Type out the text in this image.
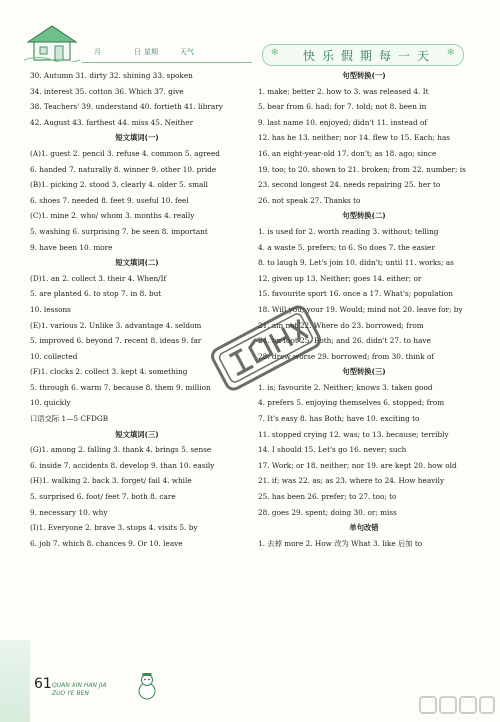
月	日 星期	天气	✻ 快乐假期每一天 ✻
30. Autumn 31. dirty 32. shining 33. spoken
34. interest 35. cotton 36. Which 37. give
38. Teachers' 39. understand 40. fortieth 41. library
42. August 43. farthest 44. miss 45. Neither
短文填词(一)
(A)1. guest 2. pencil 3. refuse 4. common 5. agreed
6. handed 7. naturally 8. winner 9. other 10. pride
(B)1. picking 2. stood 3. clearly 4. older 5. small
6. shoes 7. needed 8. feet 9. useful 10. feel
(C)1. mine 2. who/ whom 3. months 4. really
5. washing 6. surprising 7. be seen 8. important
9. have been 10. more
短文填词(二)
(D)1. an 2. collect 3. their 4. When/If
5. are planted 6. to stop 7. in 8. but
10. lessons
(E)1. various 2. Unlike 3. advantage 4. seldom
5. improved 6. beyond 7. recent 8. ideas 9. far
10. collected
(F)1. clocks 2. collect 3. kept 4. something
5. through 6. warm 7. because 8. them 9. million
10. quickly
口语交际 1—5 CFDGB
短文填词(三)
(G)1. among 2. falling 3. thank 4. brings 5. sense
6. inside 7. accidents 8. develop 9. than 10. easily
(H)1. walking 2. back 3. forget/ fail 4. while
5. surprised 6. foot/ feet 7. both 8. care
9. necessary 10. why
(I)1. Everyone 2. brave 3. stops 4. visits 5. by
6. job 7. which 8. chances 9. Or 10. leave
句型转换(一)
1. make; better 2. how to 3. was released 4. It
5. bear from 6. had; for 7. told; not 8. been in
9. last name 10. enjoyed; didn't 11. instead of
12. has he 13. neither; nor 14. flew to 15. Each; has
16. an eight-year-old 17. don't; as 18. ago; since
19. too; to 20. shown to 21. broken; from 22. number; is
23. second longest 24. needs repairing 25. her to
26. not speak 27. Thanks to
句型转换(二)
1. is used for 2. worth reading 3. without; telling
4. a waste 5. prefers; to 6. So does 7. the easier
8. to laugh 9. Let's join 10. didn't; until 11. works; as
12. given up 13. Neither; goes 14. either; or
15. favourite sport 16. once a 17. What's; population
18. Will you; your 19. Would; mind not 20. leave for; by
21. am not 22. Where do 23. borrowed; from
24. on foot 25. Both; and 26. didn't 27. to have
28. drew worse 29. borrowed; from 30. think of
句型转换(三)
1. is; favourite 2. Neither; knows 3. taken good
4. prefers 5. enjoying themselves 6. stopped; from
7. It's easy 8. has Both; have 10. exciting to
11. stopped crying 12. was; to 13. because; terribly
14. I should 15. Let's go 16. never; such
17. Work; or 18. neither; nor 19. are kept 20. how old
21. if; was 22. as; as 23. where to 24. How heavily
25. has been 26. prefer; to 27. too; to
28. goes 29. spent; doing 30. or; miss
单句改错
1. 去掉 more 2. How 改为 What 3. like 后加 to
61 QUAN XIN HAN JIA
ZUO YE BEN
